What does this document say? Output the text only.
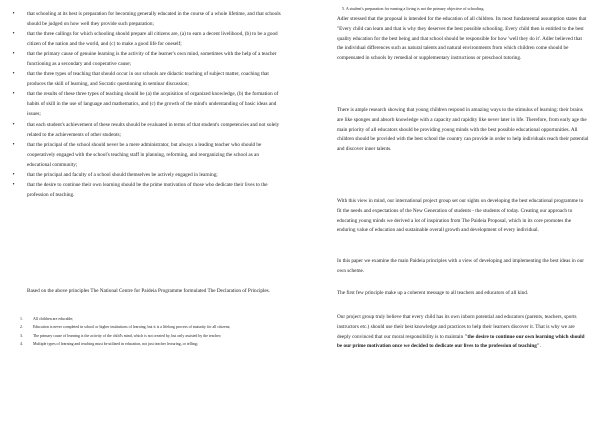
•	that schooling at its best is preparation for becoming generally educated in the course of a whole lifetime, and that schools should be judged on how well they provide such preparation;
•	that the three callings for which schooling should prepare all citizens are, (a) to earn a decent livelihood, (b) to be a good citizen of the nation and the world, and (c) to make a good life for oneself;
•	that the primary cause of genuine learning is the activity of the learner's own mind, sometimes with the help of a teacher functioning as a secondary and cooperative cause;
•	that the three types of teaching that should occur in our schools are didactic teaching of subject matter, coaching that produces the skill of learning, and Socratic questioning in seminar discussion;
•	that the results of these three types of teaching should be (a) the acquisition of organized knowledge, (b) the formation of habits of skill in the use of language and mathematics, and (c) the growth of the mind's understanding of basic ideas and issues;
•	that each student's achievement of these results should be evaluated in terms of that student's competencies and not solely related to the achievements of other students;
•	that the principal of the school should never be a mere administrator, but always a leading teacher who should be cooperatively engaged with the school's teaching staff in planning, reforming, and reorganizing the school as an educational community;
•	that the principal and faculty of a school should themselves be actively engaged in learning;
•	that the desire to continue their own learning should be the prime motivation of those who dedicate their lives to the profession of teaching.

Based on the above principles The National Centre for Paideia Programme formulated The Declaration of Principles.

1.	All children are educable;
2.	Education is never completed in school or higher institutions of learning, but it is a lifelong process of maturity for all citizens;
3.	The primary cause of learning is the activity of the child's mind, which is not created by, but only assisted by the teacher;
4.	Multiple types of learning and teaching must be utilized in education, not just teacher lecturing, or telling;

5. A student's preparation for earning a living is not the primary objective of schooling.

Adler stressed that the proposal is intended for the education of all children. Its most fundamental assumption states that "Every child can learn and that is why they deserves the best possible schooling. Every child then is entitled to the best quality education for the best being and that school should be responsible for how 'well they do it'. Adler believed that the individual differences such as natural talents and natural environments from which children come should be compensated in schools by remedial or supplementary instructions or preschool tutoring.

There is ample research showing that young children respond in amazing ways to the stimulus of learning: their brains are like sponges and absorb knowledge with a capacity and rapidity like never later in life. Therefore, from early age the main priority of all educators should be providing young minds with the best possible educational opportunities. All children should be provided with the best school the country can provide in order to help individuals reach their potential and discover inner talents.

With this view in mind, our international project group set our sights on developing the best educational programme to fit the needs and expectations of the New Generation of students - the students of today. Creating our approach to educating young minds we derived a lot of inspiration from The Paideia Proposal, which in its core promotes the enduring value of education and sustainable overall growth and development of every individual.

In this paper we examine the main Paideia principles with a view of developing and implementing the best ideas in our own scheme.

The first few principle make up a coherent message to all teachers and educators of all kind.

Our project group truly believe that every child has its own inborn potential and educators (parents, teachers, sports instructors etc.) should use their best knowledge and practices to help their learners discover it. That is why we are deeply convinced that our moral responsibility is to maintain "the desire to continue our own learning which should be our prime motivation once we decided to dedicate our lives to the profession of teaching".
